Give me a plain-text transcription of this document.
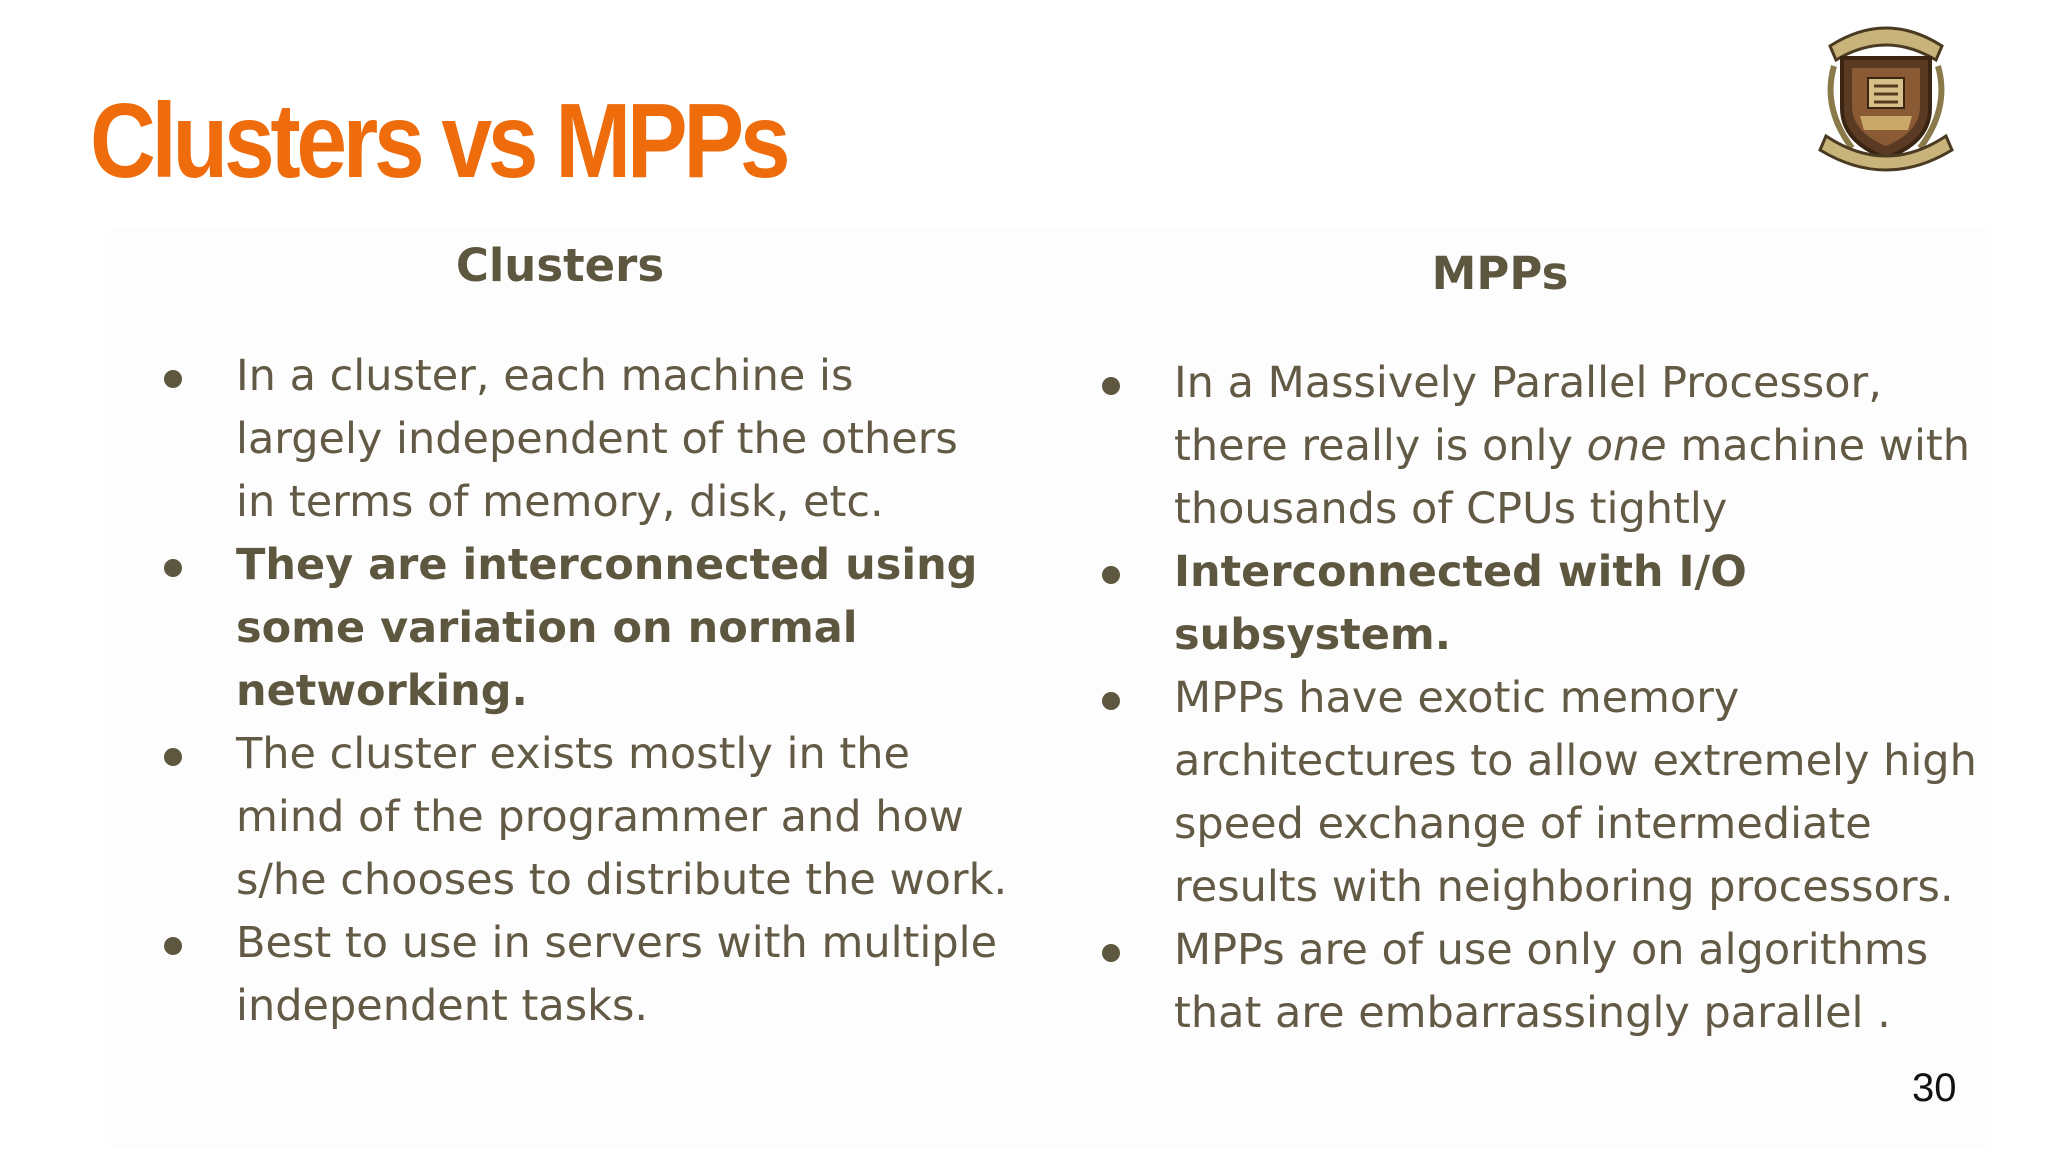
Clusters vs MPPs
Clusters	MPPs
In a cluster, each machine is largely independent of the others in terms of memory, disk, etc.
They are interconnected using some variation on normal networking.
The cluster exists mostly in the mind of the programmer and how s/he chooses to distribute the work.
Best to use in servers with multiple independent tasks.
In a Massively Parallel Processor, there really is only one machine with thousands of CPUs tightly
Interconnected with I/O subsystem.
MPPs have exotic memory architectures to allow extremely high speed exchange of intermediate results with neighboring processors.
MPPs are of use only on algorithms that are embarrassingly parallel .
30
